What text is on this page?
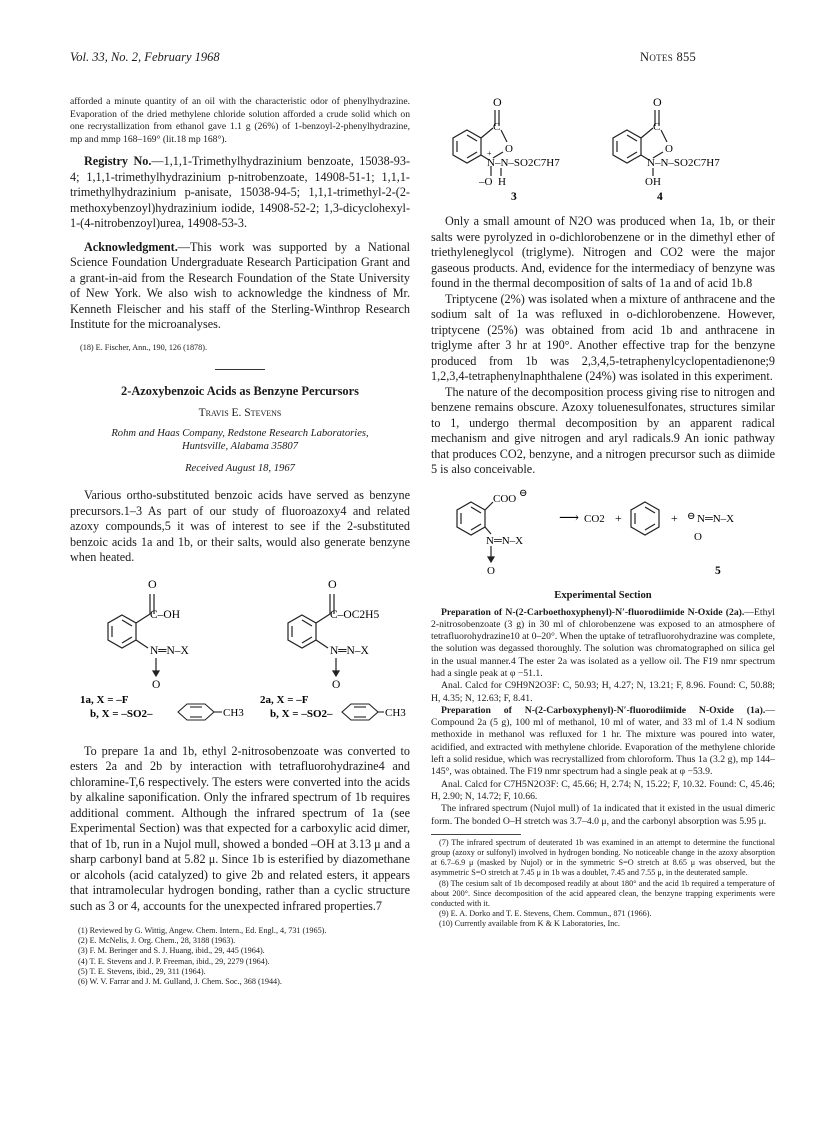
Vol. 33, No. 2, February 1968	Notes 855

afforded a minute quantity of an oil with the characteristic odor of phenylhydrazine. Evaporation of the dried methylene chloride solution afforded a crude solid which on one recrystallization from ethanol gave 1.1 g (26%) of 1-benzoyl-2-phenylhydrazine, mp and mmp 168–169° (lit.18 mp 168°).

Registry No.—1,1,1-Trimethylhydrazinium benzoate, 15038-93-4; 1,1,1-trimethylhydrazinium p-nitrobenzoate, 14908-51-1; 1,1,1-trimethylhydrazinium p-anisate, 15038-94-5; 1,1,1-trimethyl-2-(2-methoxybenzoyl)hydrazinium iodide, 14908-52-2; 1,3-dicyclohexyl-1-(4-nitrobenzoyl)urea, 14908-53-3.

Acknowledgment.—This work was supported by a National Science Foundation Undergraduate Research Participation Grant and a grant-in-aid from the Research Foundation of the State University of New York. We also wish to acknowledge the kindness of Mr. Kenneth Fleischer and his staff of the Sterling-Winthrop Research Institute for the microanalyses.

(18) E. Fischer, Ann., 190, 126 (1878).

2-Azoxybenzoic Acids as Benzyne Percursors
Travis E. Stevens
Rohm and Haas Company, Redstone Research Laboratories,
Huntsville, Alabama 35807
Received August 18, 1967

Various ortho-substituted benzoic acids have served as benzyne precursors.1–3 As part of our study of fluoroazoxy4 and related azoxy compounds,5 it was of interest to see if the 2-substituted benzoic acids 1a and 1b, or their salts, would also generate benzyne when heated.

O
C–OH
N═N–X
O
1a, X = –F
b, X = –SO2–	CH3
O
C–OC2H5
N═N–X
O
2a, X = –F
b, X = –SO2–	CH3

To prepare 1a and 1b, ethyl 2-nitrosobenzoate was converted to esters 2a and 2b by interaction with tetrafluorohydrazine4 and chloramine-T,6 respectively. The esters were converted into the acids by alkaline saponification. Only the infrared spectrum of 1b requires additional comment. Although the infrared spectrum of 1a (see Experimental Section) was that expected for a carboxylic acid dimer, that of 1b, run in a Nujol mull, showed a bonded –OH at 3.13 μ and a sharp carbonyl band at 5.82 μ. Since 1b is esterified by diazomethane or alcohols (acid catalyzed) to give 2b and related esters, it appears that intramolecular hydrogen bonding, rather than a cyclic structure such as 3 or 4, accounts for the unexpected infrared properties.7

(1) Reviewed by G. Wittig, Angew. Chem. Intern., Ed. Engl., 4, 731 (1965).

(2) E. McNelis, J. Org. Chem., 28, 3188 (1963).

(3) F. M. Beringer and S. J. Huang, ibid., 29, 445 (1964).

(4) T. E. Stevens and J. P. Freeman, ibid., 29, 2279 (1964).

(5) T. E. Stevens, ibid., 29, 311 (1964).

(6) W. V. Farrar and J. M. Gulland, J. Chem. Soc., 368 (1944).

O
C
O
+
N–N–SO2C7H7
H
–O
3
O
C
O
N–N–SO2C7H7
OH
4

Only a small amount of N2O was produced when 1a, 1b, or their salts were pyrolyzed in o-dichlorobenzene or in the dimethyl ether of triethyleneglycol (triglyme). Nitrogen and CO2 were the major gaseous products. And, evidence for the intermediacy of benzyne was found in the thermal decomposition of salts of 1a and of acid 1b.8

Triptycene (2%) was isolated when a mixture of anthracene and the sodium salt of 1a was refluxed in o-dichlorobenzene. However, triptycene (25%) was obtained from acid 1b and anthracene in triglyme after 3 hr at 190°. Another effective trap for the benzyne produced from 1b was 2,3,4,5-tetraphenylcyclopentadienone;9 1,2,3,4-tetraphenylnaphthalene (24%) was isolated in this experiment.

The nature of the decomposition process giving rise to nitrogen and benzene remains obscure. Azoxy toluenesulfonates, structures similar to 1, undergo thermal decomposition by an apparent radical mechanism and give nitrogen and aryl radicals.9 An ionic pathway that produces CO2, benzyne, and a nitrogen precursor such as diimide 5 is also conceivable.

COO ⊖
N═N–X
O
⟶ CO2 +	+ ⊖ N═N–X
O
5
Experimental Section

Preparation of N-(2-Carboethoxyphenyl)-N′-fluorodiimide N-Oxide (2a).—Ethyl 2-nitrosobenzoate (3 g) in 30 ml of chlorobenzene was exposed to an atmosphere of tetrafluorohydrazine10 at 0–20°. When the uptake of tetrafluorohydrazine was complete, the solution was degassed thoroughly. The solution was chromatographed on silica gel in the usual manner.4 The ester 2a was isolated as a yellow oil. The F19 nmr spectrum had a single peak at φ −51.1.

Anal. Calcd for C9H9N2O3F: C, 50.93; H, 4.27; N, 13.21; F, 8.96. Found: C, 50.88; H, 4.35; N, 12.63; F, 8.41.

Preparation of N-(2-Carboxyphenyl)-N′-fluorodiimide N-Oxide (1a).—Compound 2a (5 g), 100 ml of methanol, 10 ml of water, and 33 ml of 1.4 N sodium methoxide in methanol was refluxed for 1 hr. The mixture was poured into water, acidified, and extracted with methylene chloride. Evaporation of the methylene chloride left a solid residue, which was recrystallized from chloroform. Thus 1a (3.2 g), mp 144–145°, was obtained. The F19 nmr spectrum had a single peak at φ −53.9.

Anal. Calcd for C7H5N2O3F: C, 45.66; H, 2.74; N, 15.22; F, 10.32. Found: C, 45.46; H, 2.90; N, 14.72; F, 10.66.

The infrared spectrum (Nujol mull) of 1a indicated that it existed in the usual dimeric form. The bonded O–H stretch was 3.7–4.0 μ, and the carbonyl absorption was 5.95 μ.

(7) The infrared spectrum of deuterated 1b was examined in an attempt to determine the functional group (azoxy or sulfonyl) involved in hydrogen bonding. No noticeable change in the azoxy absorption at 6.7–6.9 μ (masked by Nujol) or in the symmetric S=O stretch at 8.65 μ was observed, but the asymmetric S=O stretch at 7.45 μ in 1b was a doublet, 7.45 and 7.55 μ, in the deuterated sample.

(8) The cesium salt of 1b decomposed readily at about 180° and the acid 1b required a temperature of about 200°. Since decomposition of the acid appeared clean, the benzyne trapping experiments were conducted with it.

(9) E. A. Dorko and T. E. Stevens, Chem. Commun., 871 (1966).

(10) Currently available from K & K Laboratories, Inc.
